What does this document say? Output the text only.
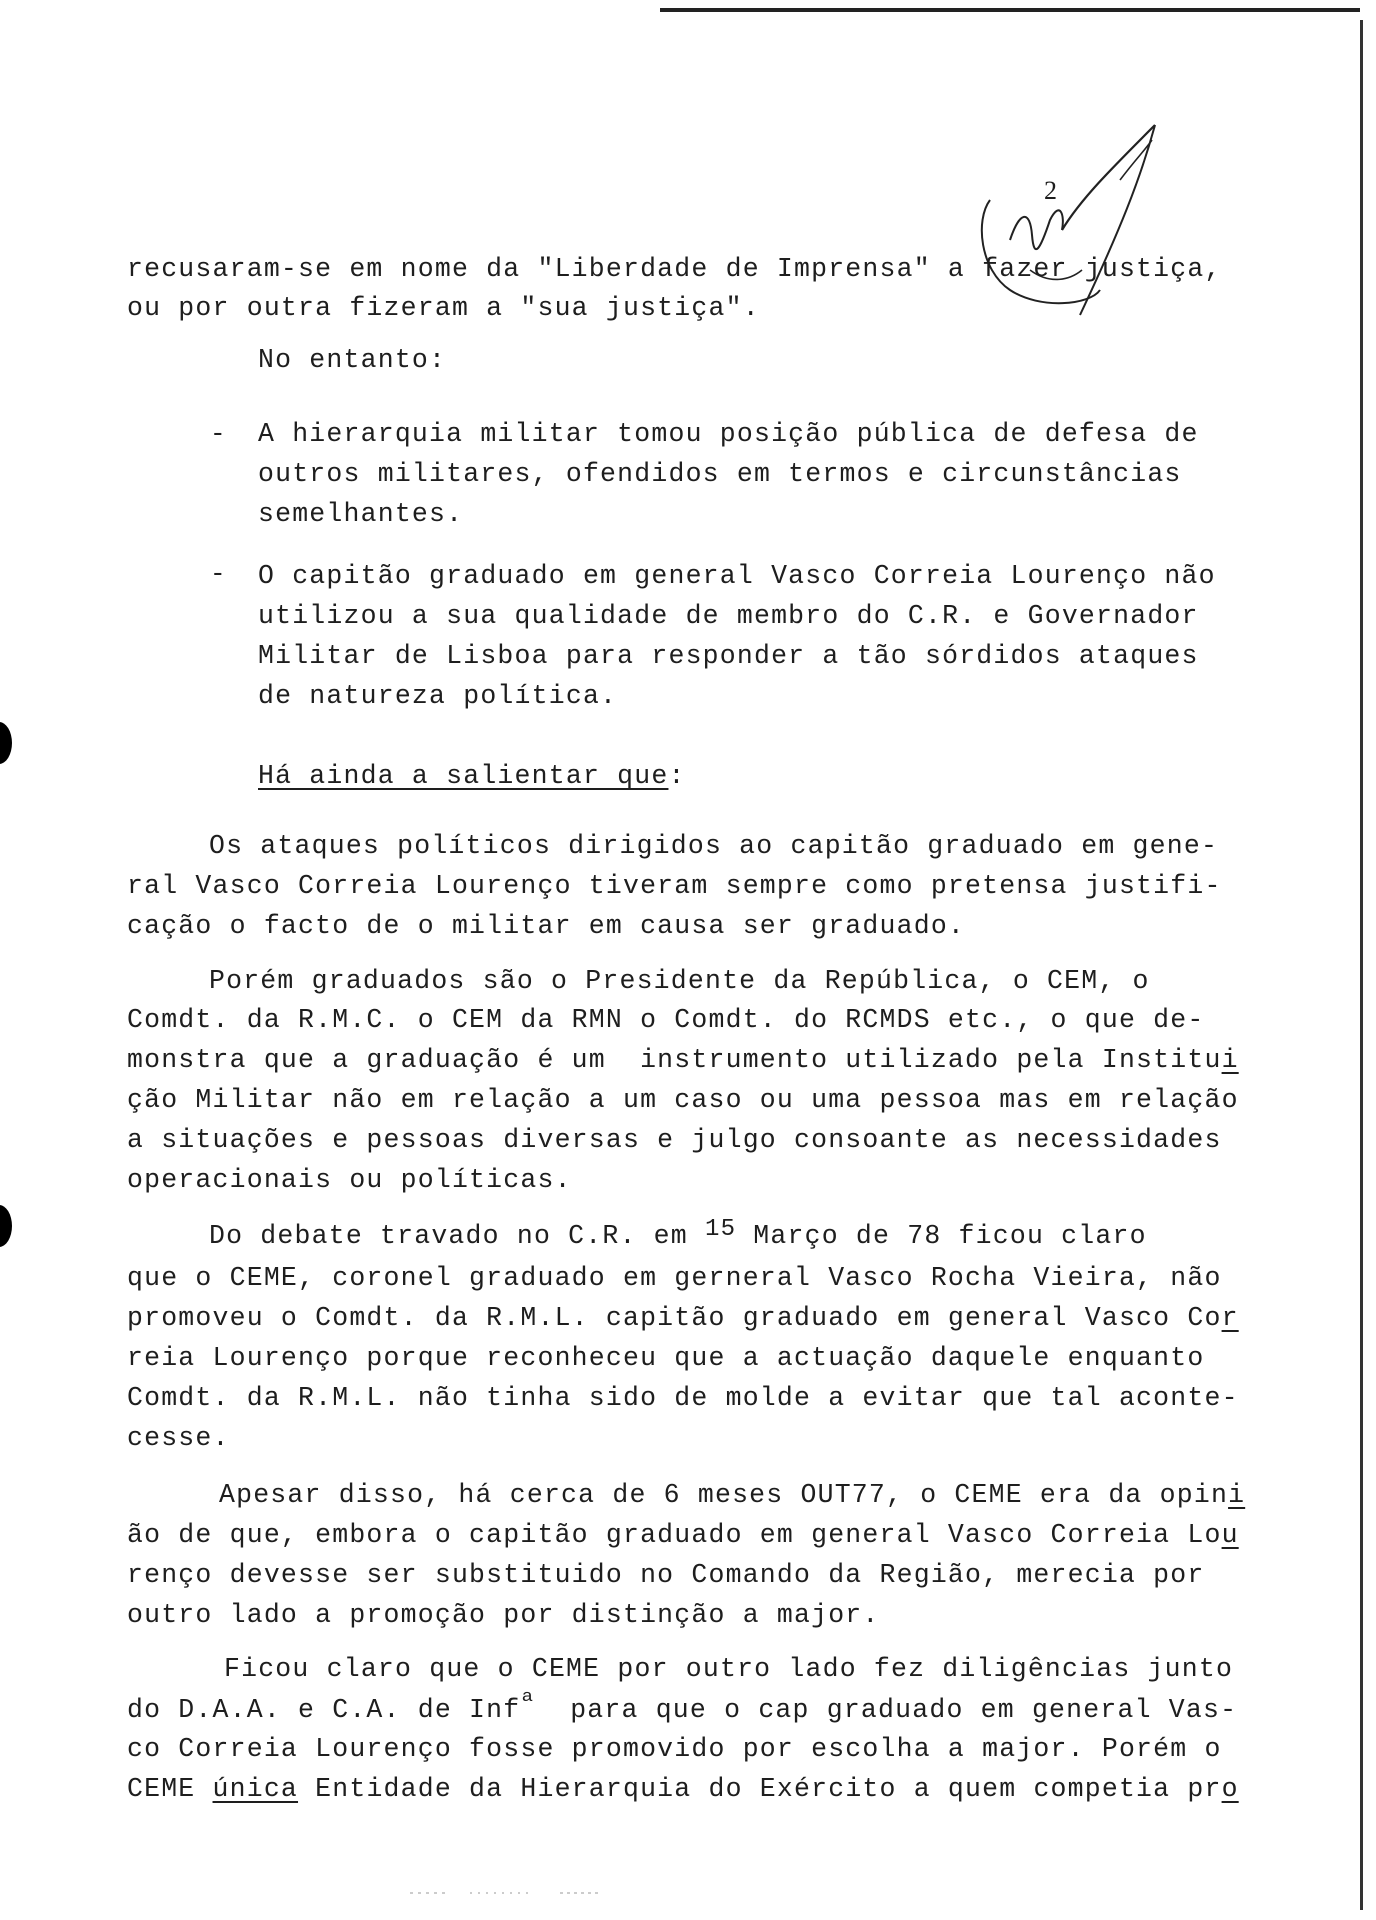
2
recusaram-se em nome da "Liberdade de Imprensa" a fazer justiça,
ou por outra fizeram a "sua justiça".
No entanto:
- A hierarquia militar tomou posição pública de defesa de
outros militares, ofendidos em termos e circunstâncias
semelhantes.
- O capitão graduado em general Vasco Correia Lourenço não
utilizou a sua qualidade de membro do C.R. e Governador
Militar de Lisboa para responder a tão sórdidos ataques
de natureza política.
Há ainda a salientar que:
Os ataques políticos dirigidos ao capitão graduado em gene-
ral Vasco Correia Lourenço tiveram sempre como pretensa justifi-
cação o facto de o militar em causa ser graduado.
Porém graduados são o Presidente da República, o CEM, o
Comdt. da R.M.C. o CEM da RMN o Comdt. do RCMDS etc., o que de-
monstra que a graduação é um  instrumento utilizado pela Institui
ção Militar não em relação a um caso ou uma pessoa mas em relação
a situações e pessoas diversas e julgo consoante as necessidades
operacionais ou políticas.
Do debate travado no C.R. em 15 Março de 78 ficou claro
que o CEME, coronel graduado em gerneral Vasco Rocha Vieira, não
promoveu o Comdt. da R.M.L. capitão graduado em general Vasco Cor
reia Lourenço porque reconheceu que a actuação daquele enquanto
Comdt. da R.M.L. não tinha sido de molde a evitar que tal aconte-
cesse.
Apesar disso, há cerca de 6 meses OUT77, o CEME era da opini
ão de que, embora o capitão graduado em general Vasco Correia Lou
renço devesse ser substituido no Comando da Região, merecia por
outro lado a promoção por distinção a major.
Ficou claro que o CEME por outro lado fez diligências junto
do D.A.A. e C.A. de Infª  para que o cap graduado em general Vas-
co Correia Lourenço fosse promovido por escolha a major. Porém o
CEME única Entidade da Hierarquia do Exército a quem competia pro
